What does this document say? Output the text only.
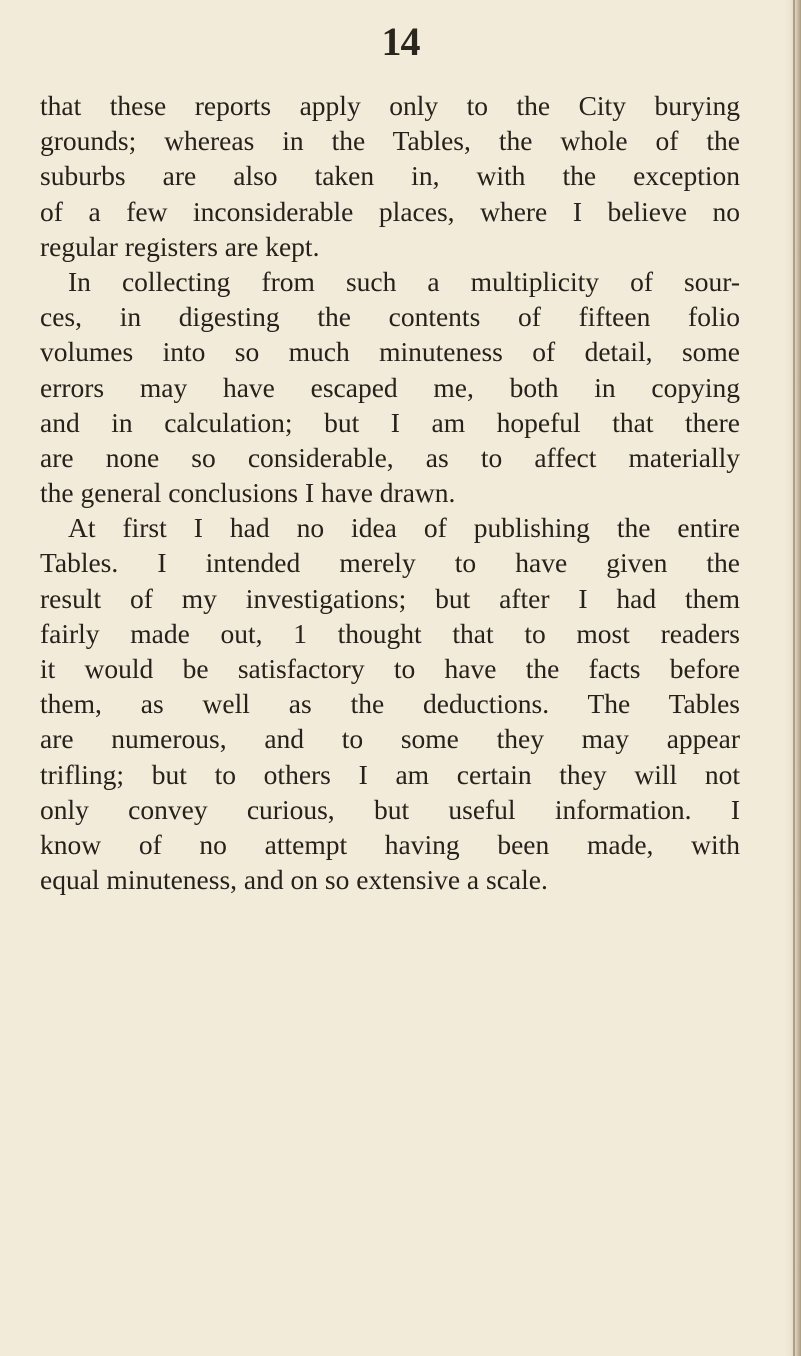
14
that these reports apply only to the City burying
grounds; whereas in the Tables, the whole of the
suburbs are also taken in, with the exception
of a few inconsiderable places, where I believe no
regular registers are kept.
In collecting from such a multiplicity of sour-
ces, in digesting the contents of fifteen folio
volumes into so much minuteness of detail, some
errors may have escaped me, both in copying
and in calculation; but I am hopeful that there
are none so considerable, as to affect materially
the general conclusions I have drawn.
At first I had no idea of publishing the entire
Tables. I intended merely to have given the
result of my investigations; but after I had them
fairly made out, 1 thought that to most readers
it would be satisfactory to have the facts before
them, as well as the deductions. The Tables
are numerous, and to some they may appear
trifling; but to others I am certain they will not
only convey curious, but useful information. I
know of no attempt having been made, with
equal minuteness, and on so extensive a scale.
